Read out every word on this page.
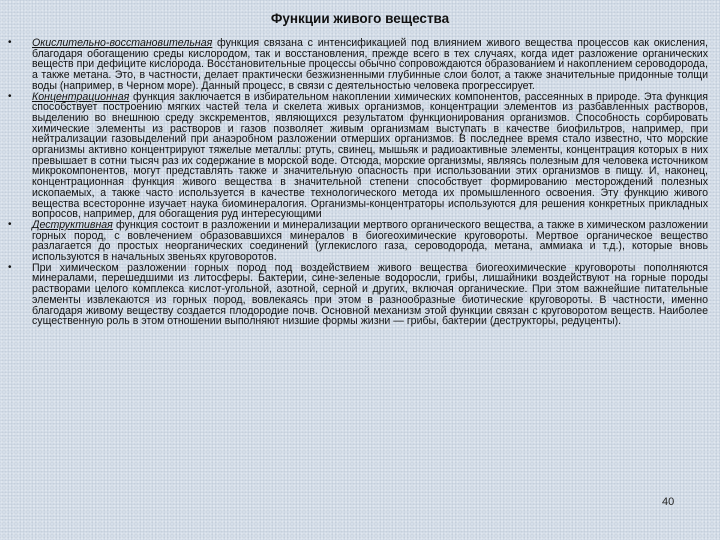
Функции живого вещества
•	Окислительно-восстановительная функция связана с интенсификацией под влиянием живого вещества процессов как окисления, благодаря обогащению среды кислородом, так и восстановления, прежде всего в тех случаях, когда идет разложение органических веществ при дефиците кислорода. Восстановительные процессы обычно сопровождаются образованием и накоплением сероводорода, а также метана. Это, в частности, делает практически безжизненными глубинные слои болот, а также значительные придонные толщи воды (например, в Черном море). Данный процесс, в связи с деятельностью человека прогрессирует.
•	Концентрационная функция заключается в избирательном накоплении химических компонентов, рассеянных в природе. Эта функция способствует построению мягких частей тела и скелета живых организмов, концентрации элементов из разбавленных растворов, выделению во внешнюю среду экскрементов, являющихся результатом функционирования организмов. Способность сорбировать химические элементы из растворов и газов позволяет живым организмам выступать в качестве биофильтров, например, при нейтрализации газовыделений при анаэробном разложении отмерших организмов. В последнее время стало известно, что морские организмы активно концентрируют тяжелые металлы: ртуть, свинец, мышьяк и радиоактивные элементы, концентрация которых в них превышает в сотни тысяч раз их содержание в морской воде. Отсюда, морские организмы, являясь полезным для человека источником микрокомпонентов, могут представлять также и значительную опасность при использовании этих организмов в пищу. И, наконец, концентрационная функция живого вещества в значительной степени способствует формированию месторождений полезных ископаемых, а также часто используется в качестве технологического метода их промышленного освоения. Эту функцию живого вещества всесторонне изучает наука биоминералогия. Организмы-концентраторы используются для решения конкретных прикладных вопросов, например, для обогащения руд интересующими
•	Деструктивная функция состоит в разложении и минерализации мертвого органического вещества, а также в химическом разложении горных пород, с вовлечением образовавшихся минералов в биогеохимические круговороты. Мертвое органическое вещество разлагается до простых неорганических соединений (углекислого газа, сероводорода, метана, аммиака и т.д.), которые вновь используются в начальных звеньях круговоротов.
•	При химическом разложении горных пород под воздействием живого вещества биогеохимические круговороты пополняются минералами, перешедшими из литосферы. Бактерии, сине-зеленые водоросли, грибы, лишайники воздействуют на горные породы растворами целого комплекса кислот-угольной, азотной, серной и других, включая органические. При этом важнейшие питательные элементы извлекаются из горных пород, вовлекаясь при этом в разнообразные биотические круговороты. В частности, именно благодаря живому веществу создается плодородие почв. Основной механизм этой функции связан с круговоротом веществ. Наиболее существенную роль в этом отношении выполняют низшие формы жизни — грибы, бактерии (деструкторы, редуценты).
40
